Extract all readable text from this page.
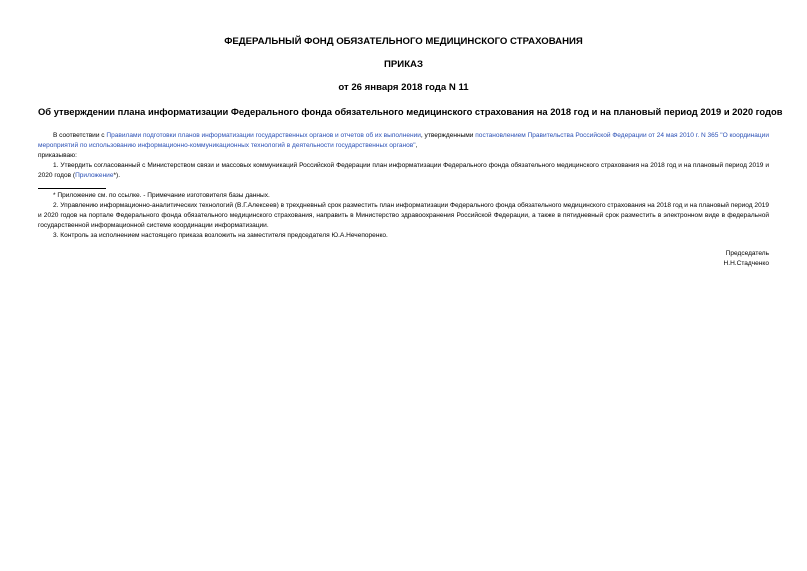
ФЕДЕРАЛЬНЫЙ ФОНД ОБЯЗАТЕЛЬНОГО МЕДИЦИНСКОГО СТРАХОВАНИЯ

ПРИКАЗ

от 26 января 2018 года N 11

Об утверждении плана информатизации Федерального фонда обязательного медицинского страхования на 2018 год и на плановый период 2019 и 2020 годов

В соответствии с Правилами подготовки планов информатизации государственных органов и отчетов об их выполнении, утвержденными постановлением Правительства Российской Федерации от 24 мая 2010 г. N 365 "О координации мероприятий по использованию информационно-коммуникационных технологий в деятельности государственных органов",

приказываю:

1. Утвердить согласованный с Министерством связи и массовых коммуникаций Российской Федерации план информатизации Федерального фонда обязательного медицинского страхования на 2018 год и на плановый период 2019 и 2020 годов (Приложение*).

* Приложение см. по ссылке. - Примечание изготовителя базы данных.

2. Управлению информационно-аналитических технологий (В.Г.Алексеев) в трехдневный срок разместить план информатизации Федерального фонда обязательного медицинского страхования на 2018 год и на плановый период 2019 и 2020 годов на портале Федерального фонда обязательного медицинского страхования, направить в Министерство здравоохранения Российской Федерации, а также в пятидневный срок разместить в электронном виде в федеральной государственной информационной системе координации информатизации.

3. Контроль за исполнением настоящего приказа возложить на заместителя председателя Ю.А.Нечепоренко.

Председатель
Н.Н.Стадченко
